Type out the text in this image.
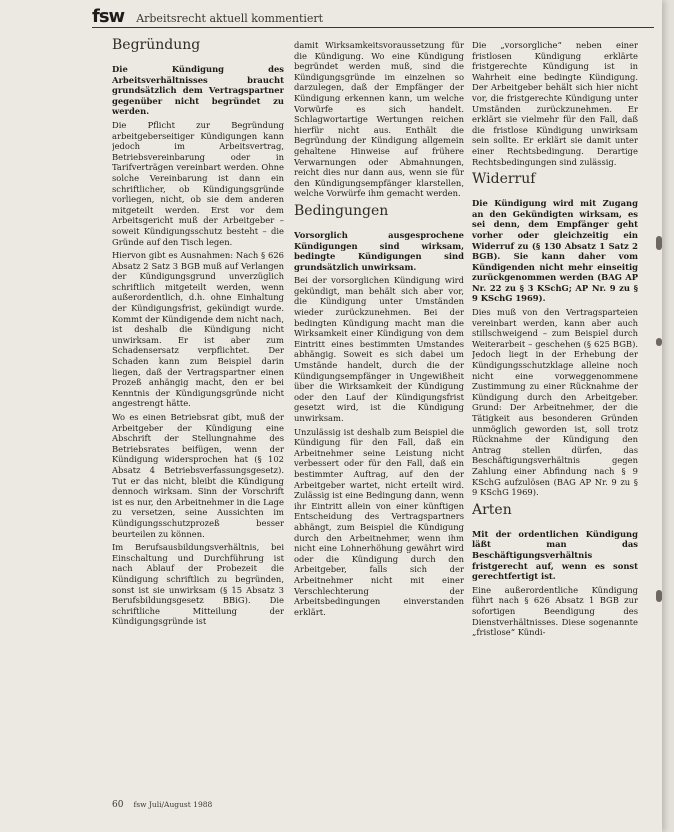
fsw Arbeitsrecht aktuell kommentiert
Begründung

Die Kündigung des Arbeitsverhältnisses braucht grundsätzlich dem Vertragspartner gegenüber nicht begründet zu werden.

Die Pflicht zur Begründung arbeitgeberseitiger Kündigungen kann jedoch im Arbeitsvertrag, Betriebsvereinbarung oder in Tarifverträgen vereinbart werden. Ohne solche Vereinbarung ist dann ein schriftlicher, ob Kündigungsgründe vorliegen, nicht, ob sie dem anderen mitgeteilt werden. Erst vor dem Arbeitsgericht muß der Arbeitgeber – soweit Kündigungsschutz besteht – die Gründe auf den Tisch legen.

Hiervon gibt es Ausnahmen: Nach § 626 Absatz 2 Satz 3 BGB muß auf Verlangen der Kündigungsgrund unverzüglich schriftlich mitgeteilt werden, wenn außerordentlich, d.h. ohne Einhaltung der Kündigungsfrist, gekündigt wurde. Kommt der Kündigende dem nicht nach, ist deshalb die Kündigung nicht unwirksam. Er ist aber zum Schadensersatz verpflichtet. Der Schaden kann zum Beispiel darin liegen, daß der Vertragspartner einen Prozeß anhängig macht, den er bei Kenntnis der Kündigungsgründe nicht angestrengt hätte.

Wo es einen Betriebsrat gibt, muß der Arbeitgeber der Kündigung eine Abschrift der Stellungnahme des Betriebsrates beifügen, wenn der Kündigung widersprochen hat (§ 102 Absatz 4 Betriebsverfassungsgesetz). Tut er das nicht, bleibt die Kündigung dennoch wirksam. Sinn der Vorschrift ist es nur, den Arbeitnehmer in die Lage zu versetzen, seine Aussichten im Kündigungsschutzprozeß besser beurteilen zu können.

Im Berufsausbildungsverhältnis, bei Einschaltung und Durchführung ist nach Ablauf der Probezeit die Kündigung schriftlich zu begründen, sonst ist sie unwirksam (§ 15 Absatz 3 Berufsbildungsgesetz BBiG). Die schriftliche Mitteilung der Kündigungsgründe ist

damit Wirksamkeitsvoraussetzung für die Kündigung. Wo eine Kündigung begründet werden muß, sind die Kündigungsgründe im einzelnen so darzulegen, daß der Empfänger der Kündigung erkennen kann, um welche Vorwürfe es sich handelt. Schlagwortartige Wertungen reichen hierfür nicht aus. Enthält die Begründung der Kündigung allgemein gehaltene Hinweise auf frühere Verwarnungen oder Abmahnungen, reicht dies nur dann aus, wenn sie für den Kündigungsempfänger klarstellen, welche Vorwürfe ihm gemacht werden.

Bedingungen

Vorsorglich ausgesprochene Kündigungen sind wirksam, bedingte Kündigungen sind grundsätzlich unwirksam.

Bei der vorsorglichen Kündigung wird gekündigt, man behält sich aber vor, die Kündigung unter Umständen wieder zurückzunehmen. Bei der bedingten Kündigung macht man die Wirksamkeit einer Kündigung von dem Eintritt eines bestimmten Umstandes abhängig. Soweit es sich dabei um Umstände handelt, durch die der Kündigungsempfänger in Ungewißheit über die Wirksamkeit der Kündigung oder den Lauf der Kündigungsfrist gesetzt wird, ist die Kündigung unwirksam.

Unzulässig ist deshalb zum Beispiel die Kündigung für den Fall, daß ein Arbeitnehmer seine Leistung nicht verbessert oder für den Fall, daß ein bestimmter Auftrag, auf den der Arbeitgeber wartet, nicht erteilt wird. Zulässig ist eine Bedingung dann, wenn ihr Eintritt allein von einer künftigen Entscheidung des Vertragspartners abhängt, zum Beispiel die Kündigung durch den Arbeitnehmer, wenn ihm nicht eine Lohnerhöhung gewährt wird oder die Kündigung durch den Arbeitgeber, falls sich der Arbeitnehmer nicht mit einer Verschlechterung der Arbeitsbedingungen einverstanden erklärt.

Die „vorsorgliche“ neben einer fristlosen Kündigung erklärte fristgerechte Kündigung ist in Wahrheit eine bedingte Kündigung. Der Arbeitgeber behält sich hier nicht vor, die fristgerechte Kündigung unter Umständen zurückzunehmen. Er erklärt sie vielmehr für den Fall, daß die fristlose Kündigung unwirksam sein sollte. Er erklärt sie damit unter einer Rechtsbedingung. Derartige Rechtsbedingungen sind zulässig.

Widerruf

Die Kündigung wird mit Zugang an den Gekündigten wirksam, es sei denn, dem Empfänger geht vorher oder gleichzeitig ein Widerruf zu (§ 130 Absatz 1 Satz 2 BGB). Sie kann daher vom Kündigenden nicht mehr einseitig zurückgenommen werden (BAG AP Nr. 22 zu § 3 KSchG; AP Nr. 9 zu § 9 KSchG 1969).

Dies muß von den Vertragsparteien vereinbart werden, kann aber auch stillschweigend – zum Beispiel durch Weiterarbeit – geschehen (§ 625 BGB). Jedoch liegt in der Erhebung der Kündigungsschutzklage alleine noch nicht eine vorweggenommene Zustimmung zu einer Rücknahme der Kündigung durch den Arbeitgeber. Grund: Der Arbeitnehmer, der die Tätigkeit aus besonderen Gründen unmöglich geworden ist, soll trotz Rücknahme der Kündigung den Antrag stellen dürfen, das Beschäftigungsverhältnis gegen Zahlung einer Abfindung nach § 9 KSchG aufzulösen (BAG AP Nr. 9 zu § 9 KSchG 1969).

Arten

Mit der ordentlichen Kündigung läßt man das Beschäftigungsverhältnis fristgerecht auf, wenn es sonst gerechtfertigt ist.

Eine außerordentliche Kündigung führt nach § 626 Absatz 1 BGB zur sofortigen Beendigung des Dienstverhältnisses. Diese sogenannte „fristlose“ Kündi-

60 fsw Juli/August 1988
